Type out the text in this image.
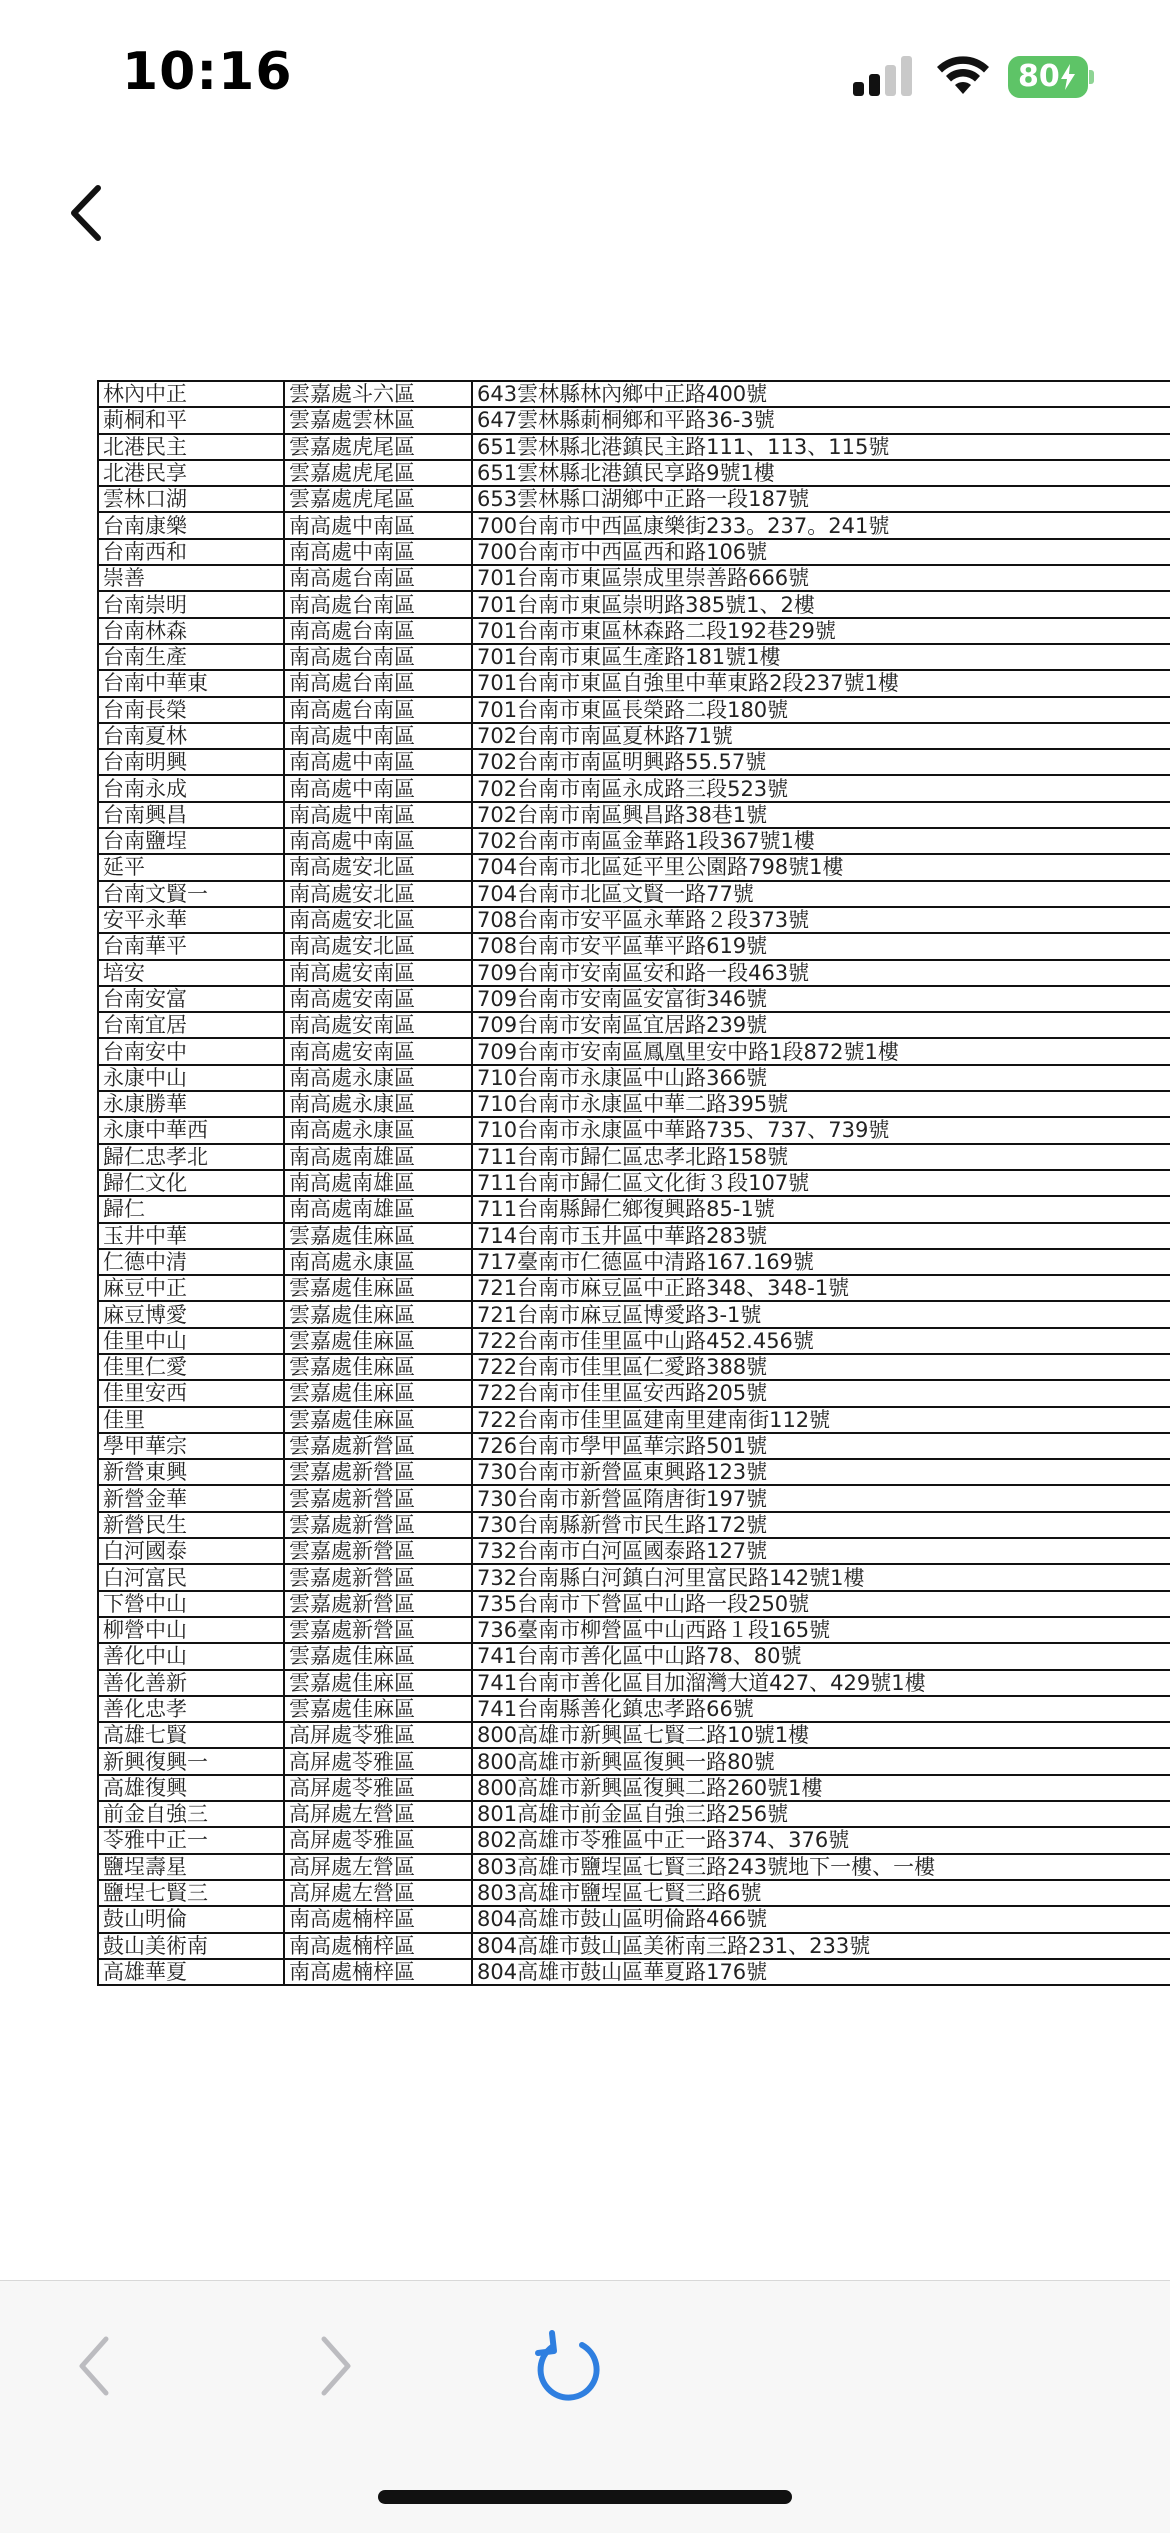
10:16	80
林內中正	雲嘉處斗六區	643雲林縣林內鄉中正路400號
莿桐和平	雲嘉處雲林區	647雲林縣莿桐鄉和平路36-3號
北港民主	雲嘉處虎尾區	651雲林縣北港鎮民主路111、113、115號
北港民享	雲嘉處虎尾區	651雲林縣北港鎮民享路9號1樓
雲林口湖	雲嘉處虎尾區	653雲林縣口湖鄉中正路一段187號
台南康樂	南高處中南區	700台南市中西區康樂街233。237。241號
台南西和	南高處中南區	700台南市中西區西和路106號
崇善	南高處台南區	701台南市東區崇成里崇善路666號
台南崇明	南高處台南區	701台南市東區崇明路385號1、2樓
台南林森	南高處台南區	701台南市東區林森路二段192巷29號
台南生產	南高處台南區	701台南市東區生產路181號1樓
台南中華東	南高處台南區	701台南市東區自強里中華東路2段237號1樓
台南長榮	南高處台南區	701台南市東區長榮路二段180號
台南夏林	南高處中南區	702台南市南區夏林路71號
台南明興	南高處中南區	702台南市南區明興路55.57號
台南永成	南高處中南區	702台南市南區永成路三段523號
台南興昌	南高處中南區	702台南市南區興昌路38巷1號
台南鹽埕	南高處中南區	702台南市南區金華路1段367號1樓
延平	南高處安北區	704台南市北區延平里公園路798號1樓
台南文賢一	南高處安北區	704台南市北區文賢一路77號
安平永華	南高處安北區	708台南市安平區永華路２段373號
台南華平	南高處安北區	708台南市安平區華平路619號
培安	南高處安南區	709台南市安南區安和路一段463號
台南安富	南高處安南區	709台南市安南區安富街346號
台南宜居	南高處安南區	709台南市安南區宜居路239號
台南安中	南高處安南區	709台南市安南區鳳凰里安中路1段872號1樓
永康中山	南高處永康區	710台南市永康區中山路366號
永康勝華	南高處永康區	710台南市永康區中華二路395號
永康中華西	南高處永康區	710台南市永康區中華路735、737、739號
歸仁忠孝北	南高處南雄區	711台南市歸仁區忠孝北路158號
歸仁文化	南高處南雄區	711台南市歸仁區文化街３段107號
歸仁	南高處南雄區	711台南縣歸仁鄉復興路85-1號
玉井中華	雲嘉處佳麻區	714台南市玉井區中華路283號
仁德中清	南高處永康區	717臺南市仁德區中清路167.169號
麻豆中正	雲嘉處佳麻區	721台南市麻豆區中正路348、348-1號
麻豆博愛	雲嘉處佳麻區	721台南市麻豆區博愛路3-1號
佳里中山	雲嘉處佳麻區	722台南市佳里區中山路452.456號
佳里仁愛	雲嘉處佳麻區	722台南市佳里區仁愛路388號
佳里安西	雲嘉處佳麻區	722台南市佳里區安西路205號
佳里	雲嘉處佳麻區	722台南市佳里區建南里建南街112號
學甲華宗	雲嘉處新營區	726台南市學甲區華宗路501號
新營東興	雲嘉處新營區	730台南市新營區東興路123號
新營金華	雲嘉處新營區	730台南市新營區隋唐街197號
新營民生	雲嘉處新營區	730台南縣新營市民生路172號
白河國泰	雲嘉處新營區	732台南市白河區國泰路127號
白河富民	雲嘉處新營區	732台南縣白河鎮白河里富民路142號1樓
下營中山	雲嘉處新營區	735台南市下營區中山路一段250號
柳營中山	雲嘉處新營區	736臺南市柳營區中山西路１段165號
善化中山	雲嘉處佳麻區	741台南市善化區中山路78、80號
善化善新	雲嘉處佳麻區	741台南市善化區目加溜灣大道427、429號1樓
善化忠孝	雲嘉處佳麻區	741台南縣善化鎮忠孝路66號
高雄七賢	高屏處苓雅區	800高雄市新興區七賢二路10號1樓
新興復興一	高屏處苓雅區	800高雄市新興區復興一路80號
高雄復興	高屏處苓雅區	800高雄市新興區復興二路260號1樓
前金自強三	高屏處左營區	801高雄市前金區自強三路256號
苓雅中正一	高屏處苓雅區	802高雄市苓雅區中正一路374、376號
鹽埕壽星	高屏處左營區	803高雄市鹽埕區七賢三路243號地下一樓、一樓
鹽埕七賢三	高屏處左營區	803高雄市鹽埕區七賢三路6號
鼓山明倫	南高處楠梓區	804高雄市鼓山區明倫路466號
鼓山美術南	南高處楠梓區	804高雄市鼓山區美術南三路231、233號
高雄華夏	南高處楠梓區	804高雄市鼓山區華夏路176號
